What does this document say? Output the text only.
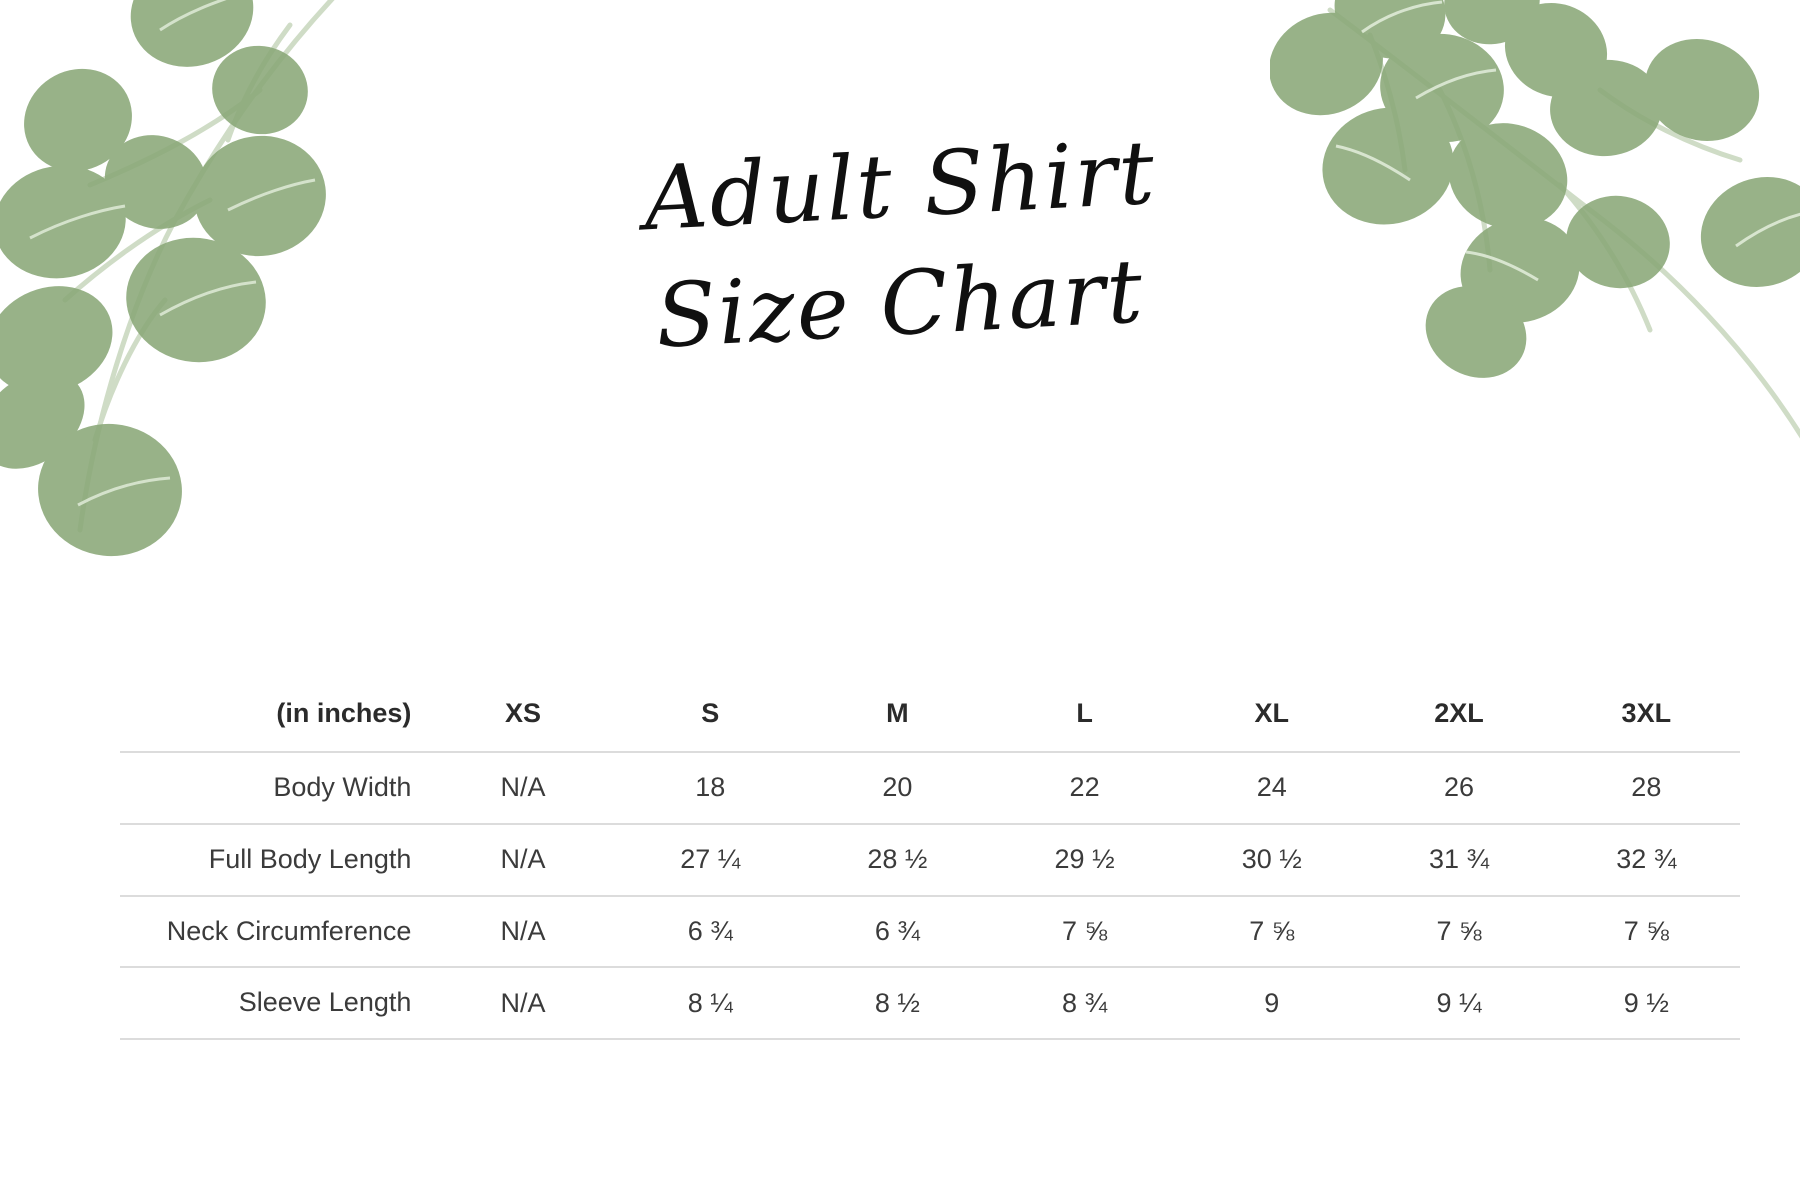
Adult Shirt
Size Chart
(in inches)	XS	S	M	L	XL	2XL	3XL
Body Width	N/A	18	20	22	24	26	28
Full Body Length	N/A	27 ¼	28 ½	29 ½	30 ½	31 ¾	32 ¾
Neck Circumference	N/A	6 ¾	6 ¾	7 ⅝	7 ⅝	7 ⅝	7 ⅝
Sleeve Length	N/A	8 ¼	8 ½	8 ¾	9	9 ¼	9 ½
